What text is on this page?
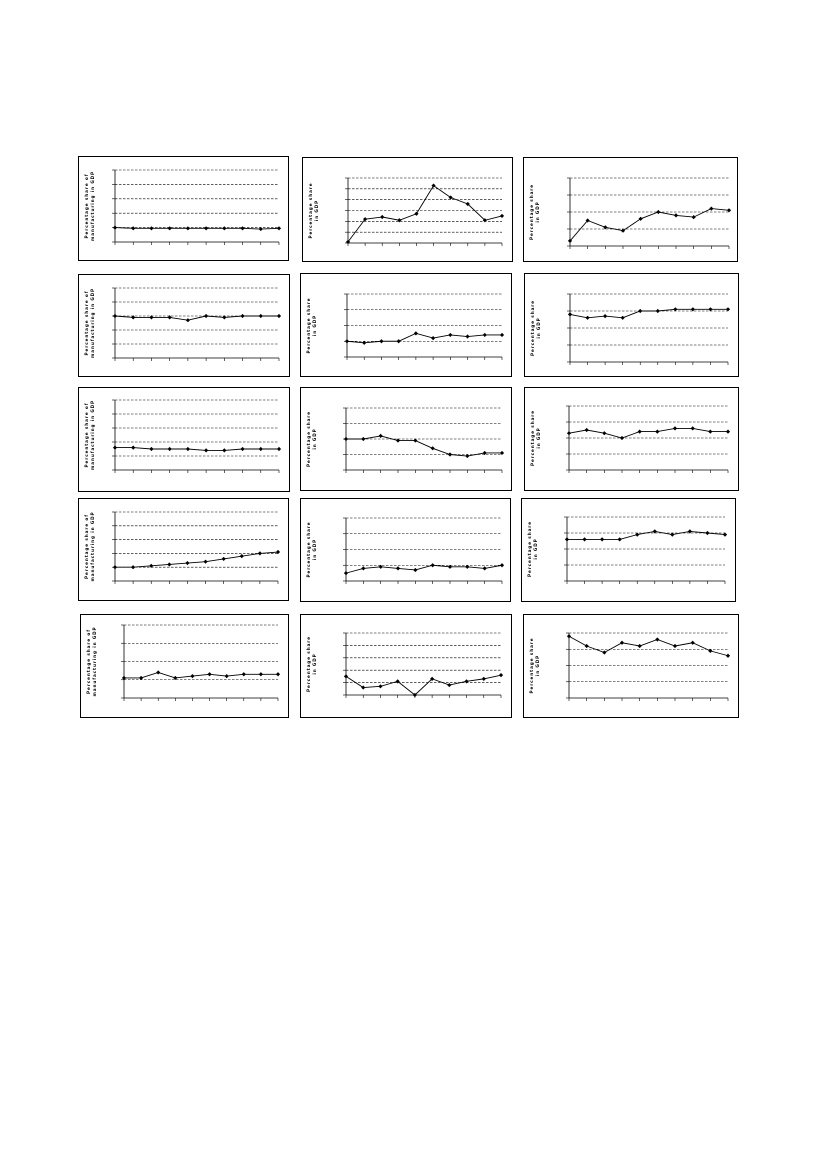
Percentage share of manufacturing in GDP	Percentage share in GDP	Percentage share in GDP
Percentage share of manufacturing in GDP	Percentage share in GDP	Percentage share in GDP
Percentage share of manufacturing in GDP	Percentage share in GDP	Percentage share in GDP
Percentage share of manufacturing in GDP	Percentage share in GDP	Percentage share in GDP
Percentage share of manufacturing in GDP	Percentage share in GDP	Percentage share in GDP
